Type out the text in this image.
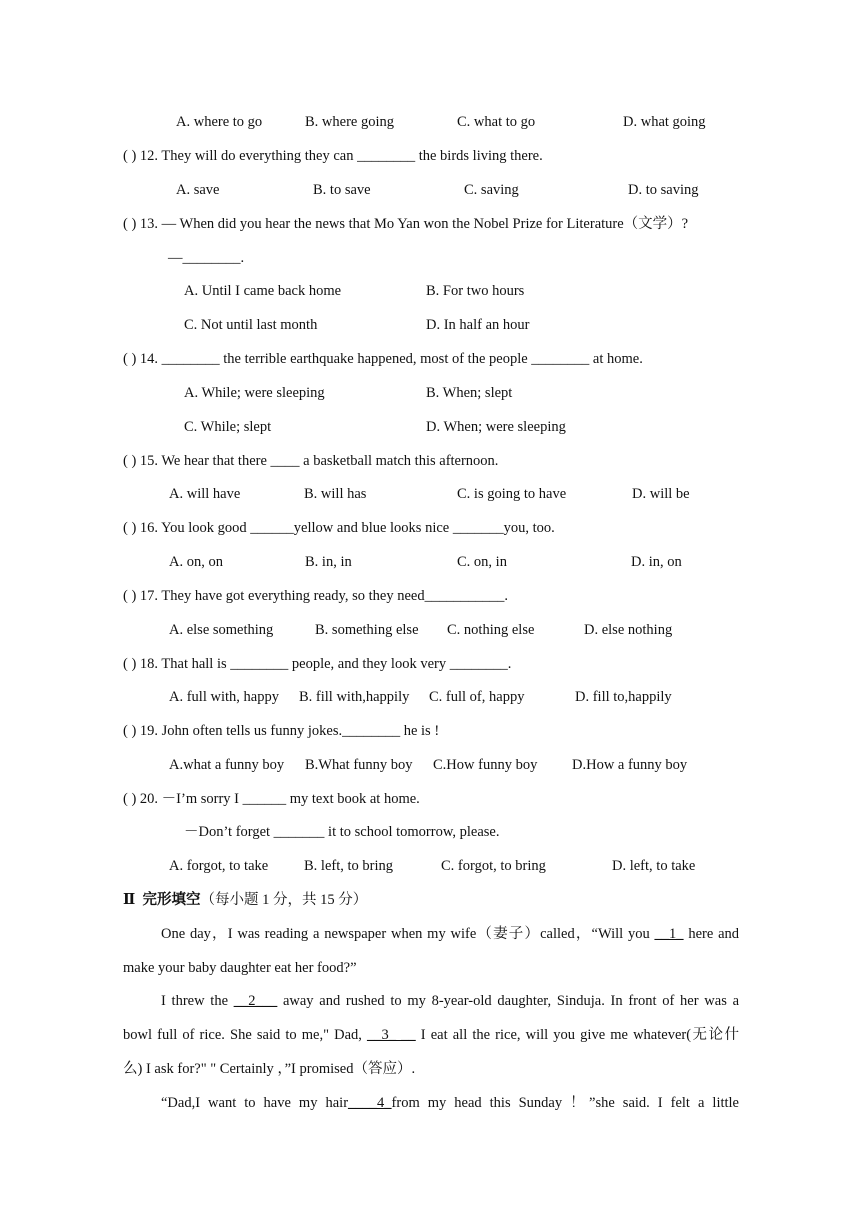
A. where to go	B. where going	C. what to go	D. what going
( ) 12. They will do everything they can ________ the birds living there.
A. save	B. to save	C. saving	D. to saving
( ) 13. — When did you hear the news that Mo Yan won the Nobel Prize for Literature（文学）?
—________.
A. Until I came back home	B. For two hours
C. Not until last month	D. In half an hour
( ) 14. ________ the terrible earthquake happened, most of the people ________ at home.
A. While; were sleeping	B. When; slept
C. While; slept	D. When; were sleeping
( ) 15. We hear that there ____ a basketball match this afternoon.
A. will have	B. will has	C. is going to have	D. will be
( ) 16. You look good ______yellow and blue looks nice _______you, too.
A. on, on	B. in, in	C. on, in	D. in, on
( ) 17. They have got everything ready, so they need___________.
A. else something	B. something else C. nothing else	D. else nothing
( ) 18. That hall is ________ people, and they look very ________.
A. full with, happy B. fill with,happily C. full of, happy	D. fill to,happily
( ) 19. John often tells us funny jokes.________ he is !
A.what a funny boy B.What funny boy C.How funny boy D.How a funny boy
( ) 20. －I’m sorry I ______ my text book at home.
－Don’t forget _______ it to school tomorrow, please.
A. forgot, to take B. left, to bring	C. forgot, to bring	D. left, to take
Ⅱ 完形填空（每小题 1 分，共 15 分）
One day，I was reading a newspaper when my wife（妻子）called，“Will you __1_ here and
make your baby daughter eat her food?”
I threw the __2___ away and rushed to my 8-year-old daughter, Sinduja. In front of her was a
bowl full of rice. She said to me," Dad, __3_ __ I eat all the rice, will you give me whatever(无论什
么) I ask for?" " Certainly ，”I promised（答应）.
“Dad,I want to have my hair____4_from my head this Sunday ！”she said. I felt a little
